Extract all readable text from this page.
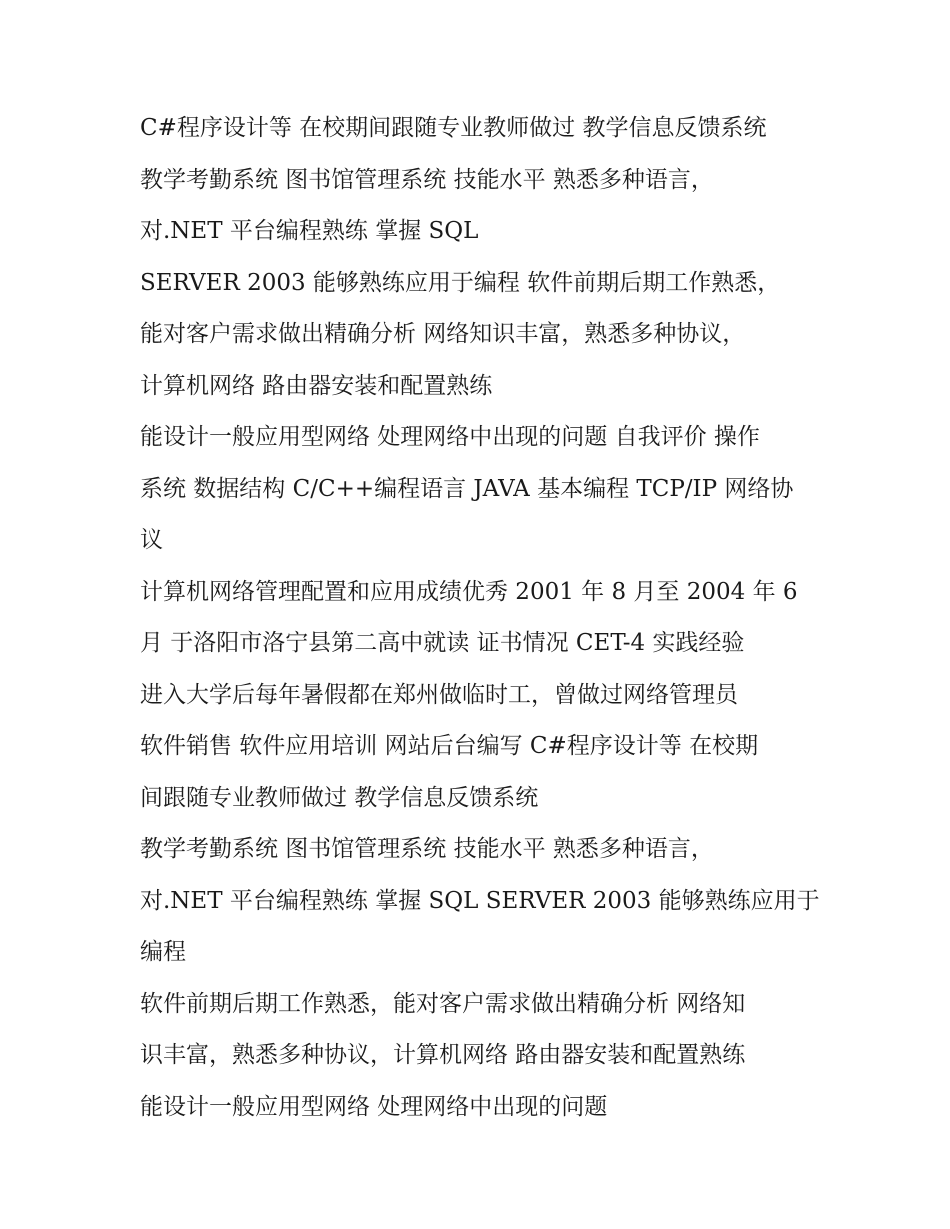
C#程序设计等 在校期间跟随专业教师做过 教学信息反馈系统
教学考勤系统 图书馆管理系统 技能水平 熟悉多种语言，
对.NET 平台编程熟练 掌握 SQL
SERVER 2003 能够熟练应用于编程 软件前期后期工作熟悉，
能对客户需求做出精确分析 网络知识丰富，熟悉多种协议，
计算机网络 路由器安装和配置熟练
能设计一般应用型网络 处理网络中出现的问题 自我评价 操作
系统 数据结构 C/C++编程语言 JAVA 基本编程 TCP/IP 网络协
议
计算机网络管理配置和应用成绩优秀 2001 年 8 月至 2004 年 6
月 于洛阳市洛宁县第二高中就读 证书情况 CET-4 实践经验
进入大学后每年暑假都在郑州做临时工，曾做过网络管理员
软件销售 软件应用培训 网站后台编写 C#程序设计等 在校期
间跟随专业教师做过 教学信息反馈系统
教学考勤系统 图书馆管理系统 技能水平 熟悉多种语言，
对.NET 平台编程熟练 掌握 SQL SERVER 2003 能够熟练应用于
编程
软件前期后期工作熟悉，能对客户需求做出精确分析 网络知
识丰富，熟悉多种协议，计算机网络 路由器安装和配置熟练
能设计一般应用型网络 处理网络中出现的问题
